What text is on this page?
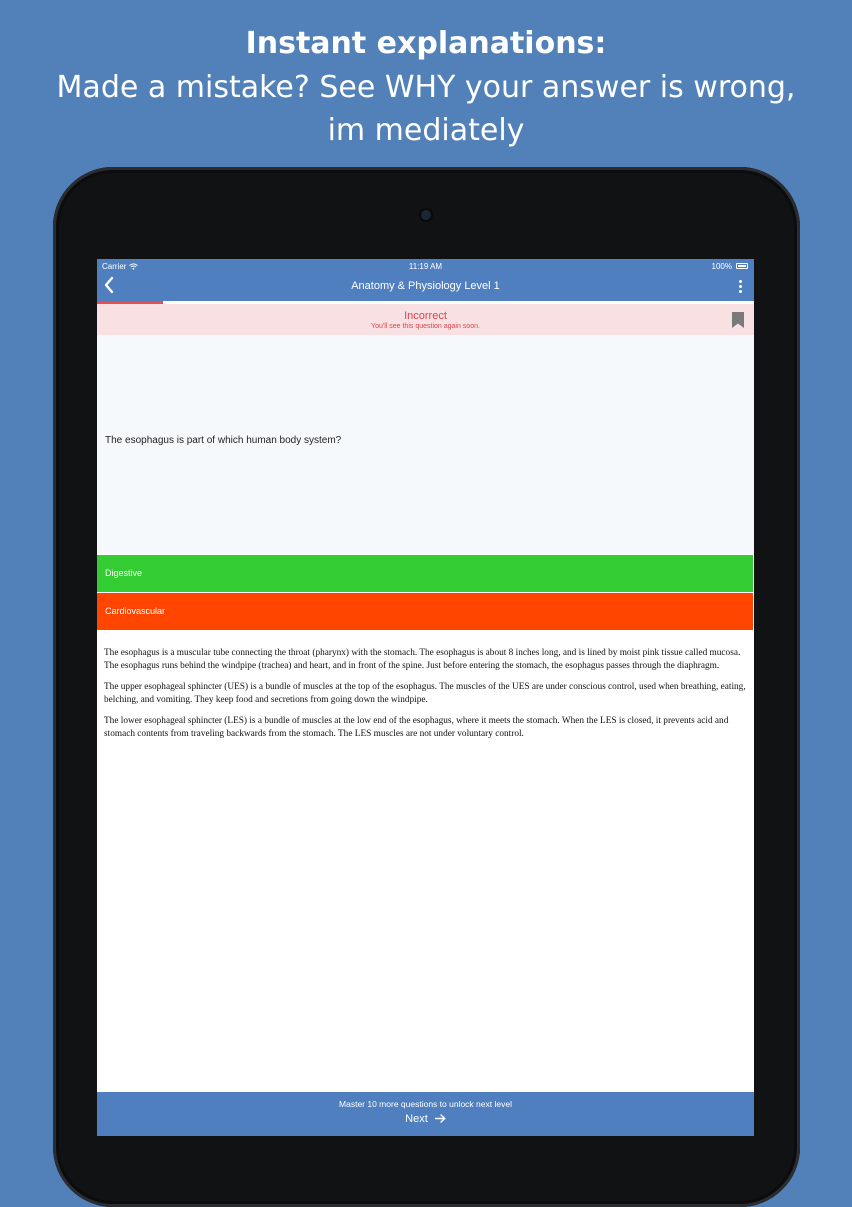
Instant explanations:
Made a mistake? See WHY your answer is wrong,
im mediately
Carrier	11:19 AM	100%
Anatomy & Physiology Level 1
Incorrect
You'll see this question again soon.
The esophagus is part of which human body system?
Digestive
Cardiovascular

The esophagus is a muscular tube connecting the throat (pharynx) with the stomach. The esophagus is about 8 inches long, and is lined by moist pink tissue called mucosa. The esophagus runs behind the windpipe (trachea) and heart, and in front of the spine. Just before entering the stomach, the esophagus passes through the diaphragm.

The upper esophageal sphincter (UES) is a bundle of muscles at the top of the esophagus. The muscles of the UES are under conscious control, used when breathing, eating, belching, and vomiting. They keep food and secretions from going down the windpipe.

The lower esophageal sphincter (LES) is a bundle of muscles at the low end of the esophagus, where it meets the stomach. When the LES is closed, it prevents acid and stomach contents from traveling backwards from the stomach. The LES muscles are not under voluntary control.

Master 10 more questions to unlock next level
Next
